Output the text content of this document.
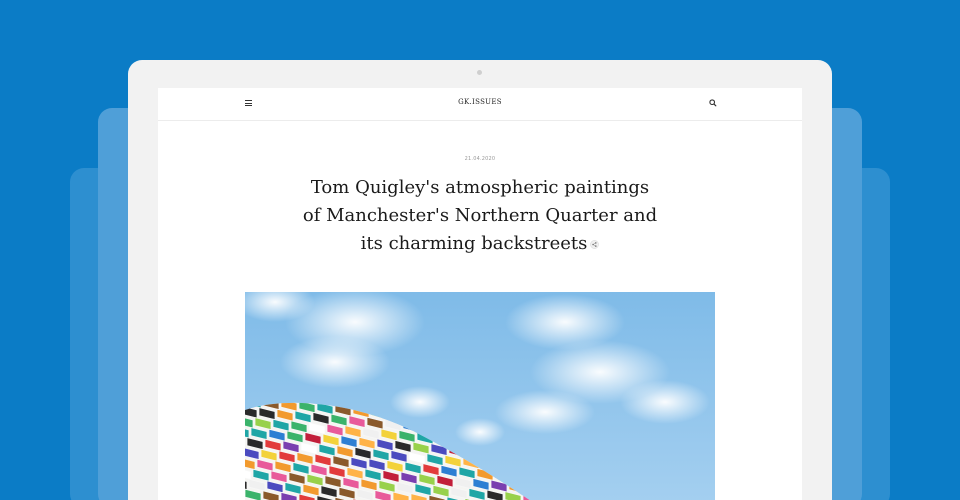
GK.ISSUES
21.04.2020
Tom Quigley's atmospheric paintings
of Manchester's Northern Quarter and
its charming backstreets
